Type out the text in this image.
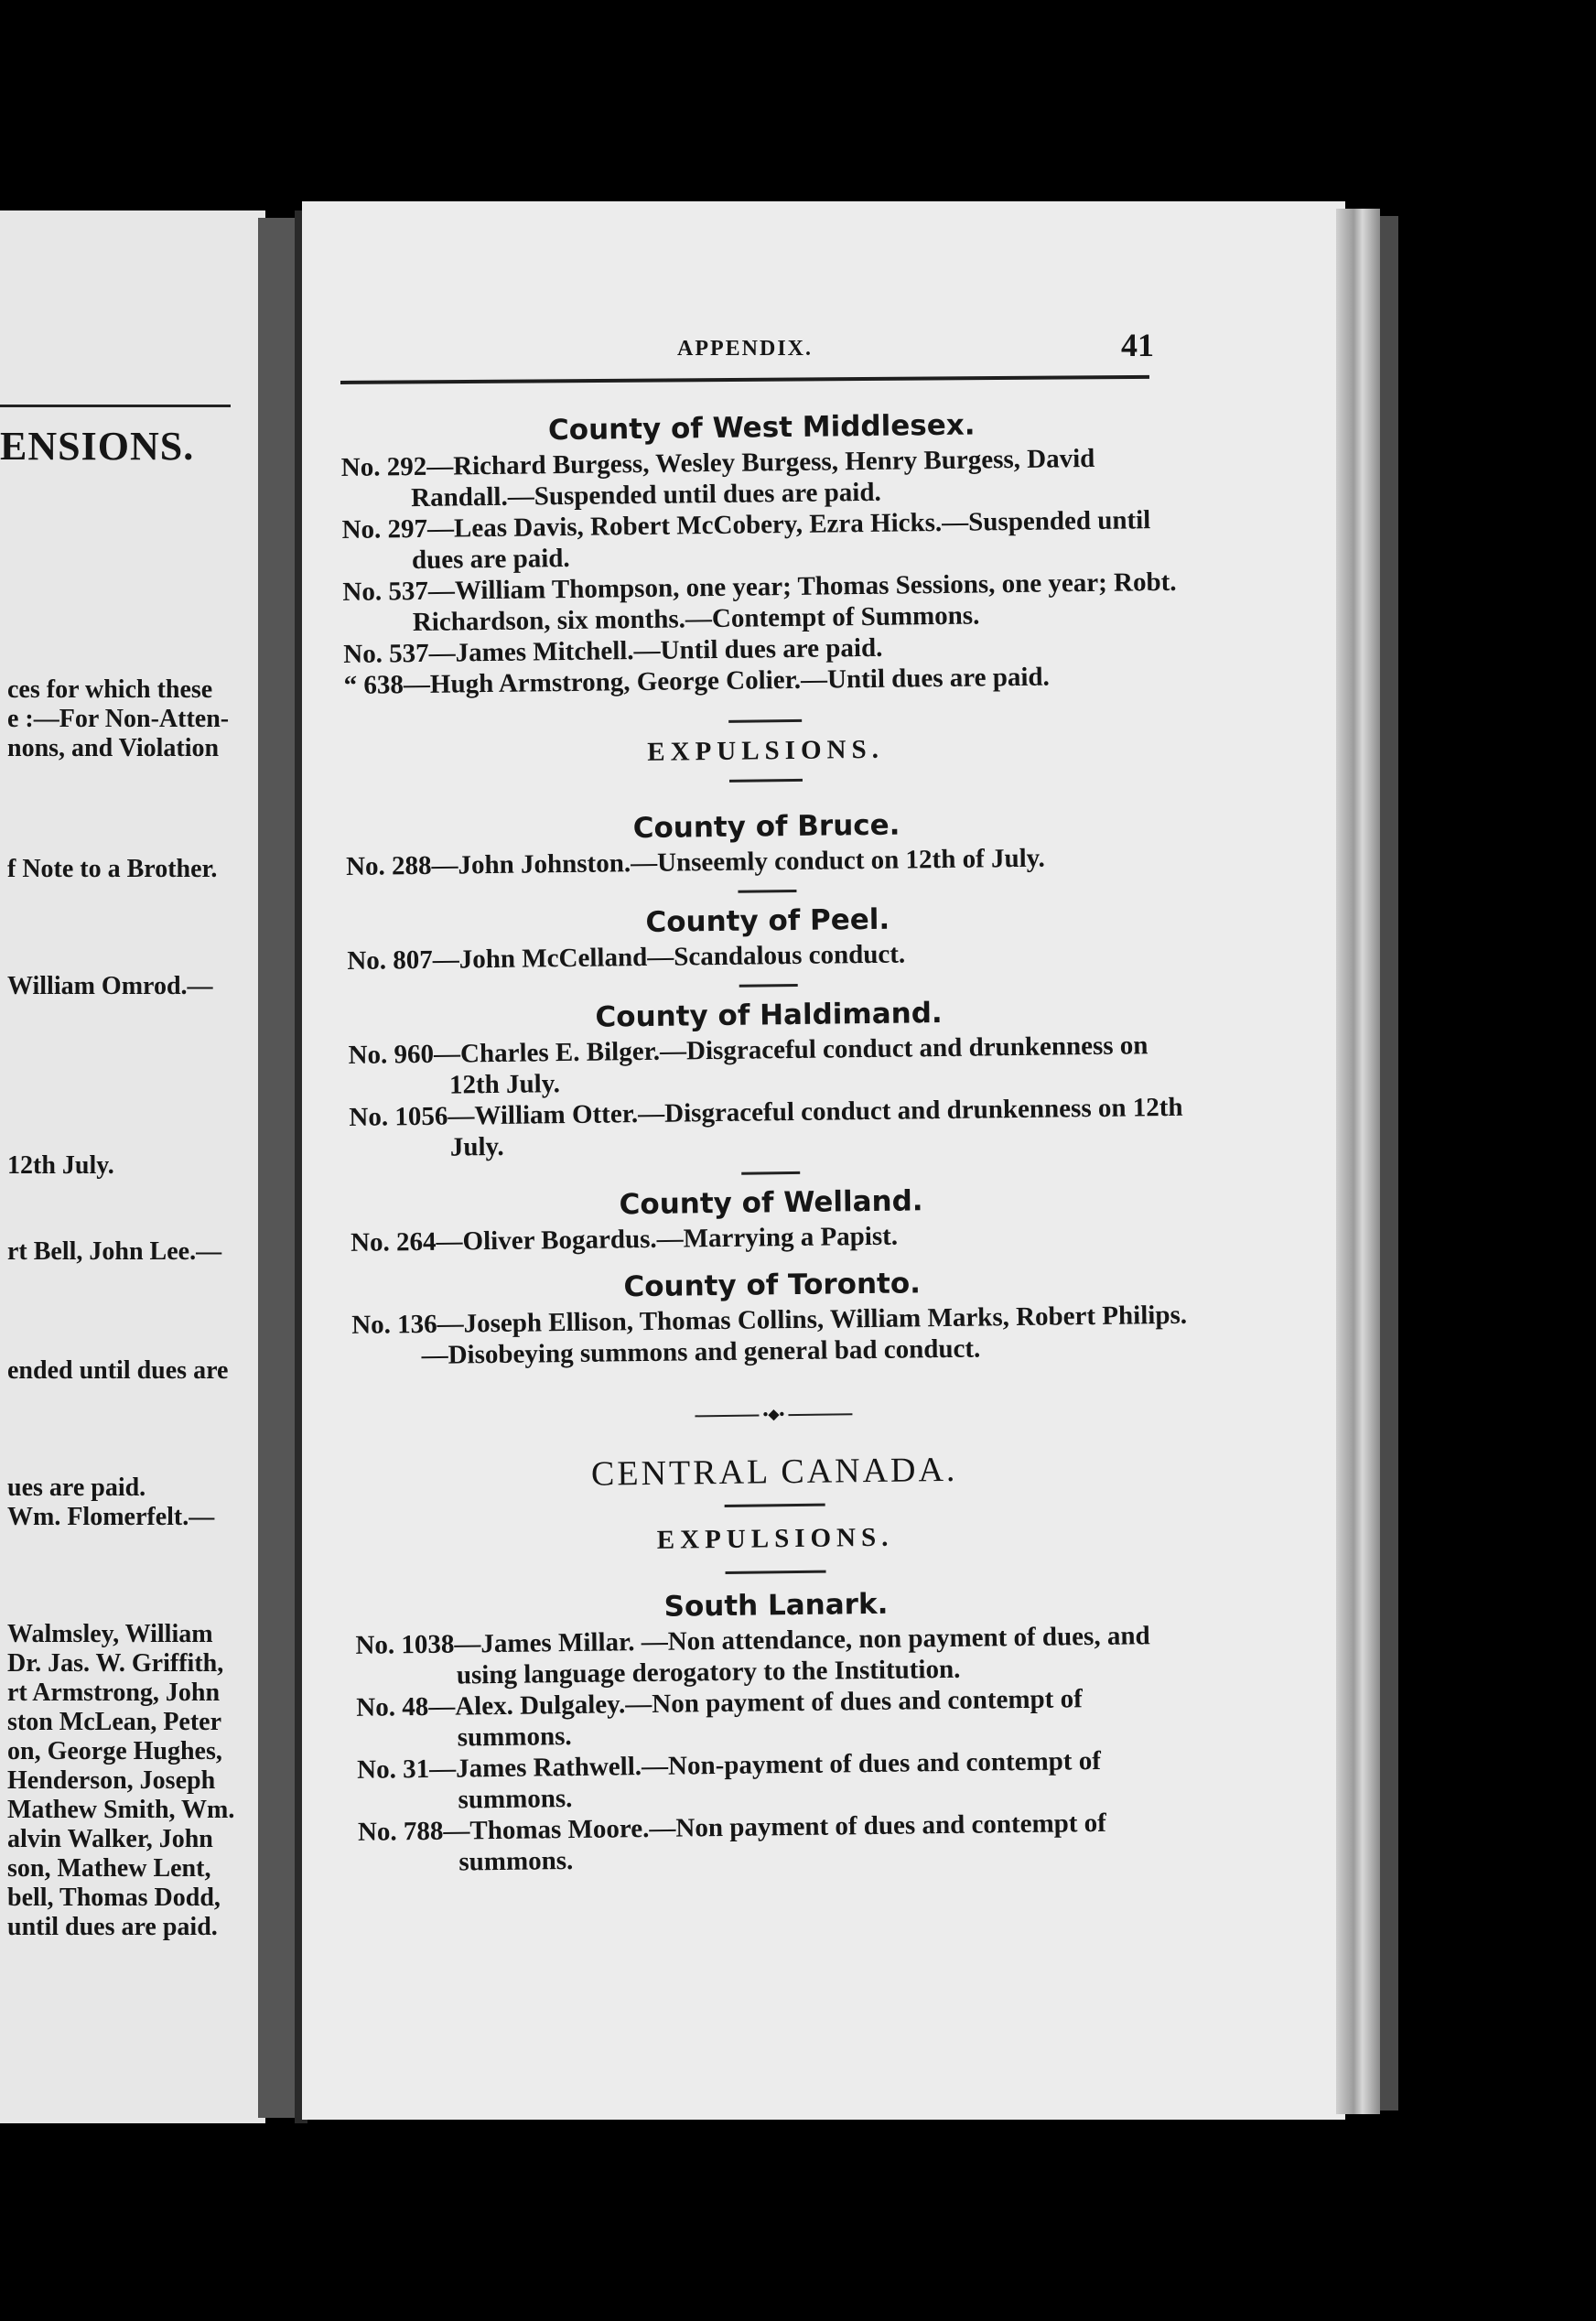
ENSIONS.
ces for which these
e :—For Non-Atten-
nons, and Violation
f Note to a Brother.
William Omrod.—
12th July.
rt Bell, John Lee.—
ended until dues are
ues are paid.
Wm. Flomerfelt.—
Walmsley, William
Dr. Jas. W. Griffith,
rt Armstrong, John
ston McLean, Peter
on, George Hughes,
Henderson, Joseph
Mathew Smith, Wm.
alvin Walker, John
son, Mathew Lent,
bell, Thomas Dodd,
until dues are paid.
APPENDIX.	41
County of West Middlesex.

No. 292—Richard Burgess, Wesley Burgess, Henry Burgess, David Randall.—Suspended until dues are paid.

No. 297—Leas Davis, Robert McCobery, Ezra Hicks.—Suspended until dues are paid.

No. 537—William Thompson, one year; Thomas Sessions, one year; Robt. Richardson, six months.—Contempt of Summons.

No. 537—James Mitchell.—Until dues are paid.

“ 638—Hugh Armstrong, George Colier.—Until dues are paid.

EXPULSIONS.
County of Bruce.

No. 288—John Johnston.—Unseemly conduct on 12th of July.

County of Peel.

No. 807—John McCelland—Scandalous conduct.

County of Haldimand.

No. 960—Charles E. Bilger.—Disgraceful conduct and drunkenness on 12th July.

No. 1056—William Otter.—Disgraceful conduct and drunkenness on 12th July.

County of Welland.

No. 264—Oliver Bogardus.—Marrying a Papist.

County of Toronto.

No. 136—Joseph Ellison, Thomas Collins, William Marks, Robert Philips.—Disobeying summons and general bad conduct.

•◆•
CENTRAL CANADA.
EXPULSIONS.
South Lanark.

No. 1038—James Millar. —Non attendance, non payment of dues, and using language derogatory to the Institution.

No. 48—Alex. Dulgaley.—Non payment of dues and contempt of summons.

No. 31—James Rathwell.—Non-payment of dues and contempt of summons.

No. 788—Thomas Moore.—Non payment of dues and contempt of summons.
